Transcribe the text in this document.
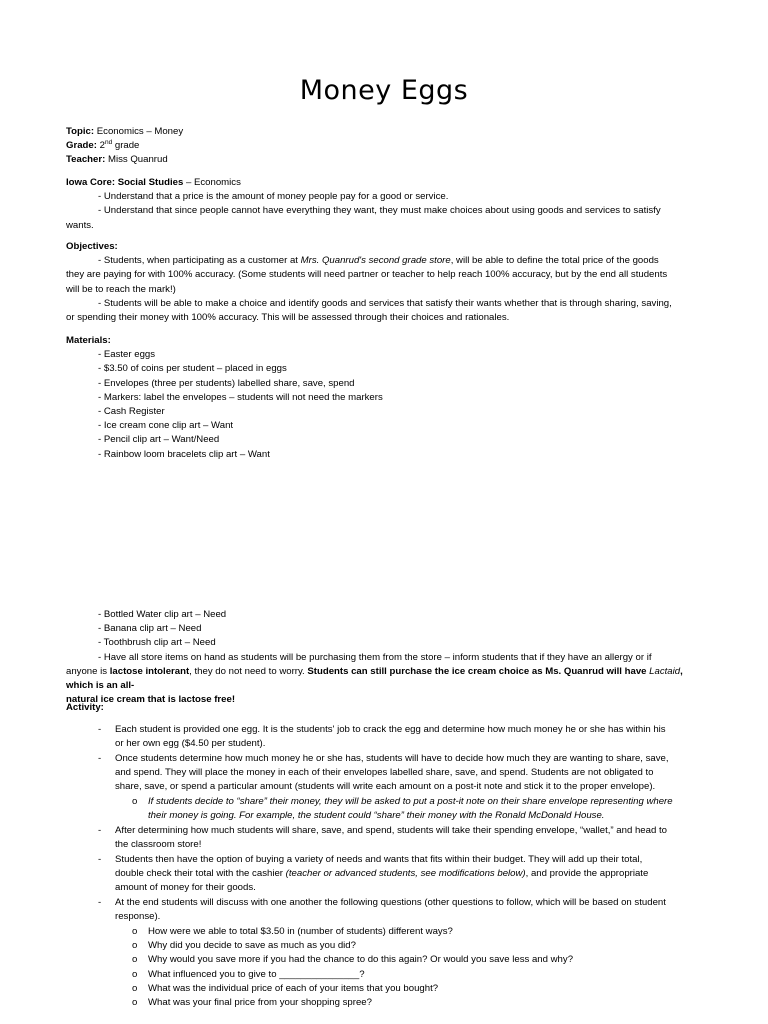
Money Eggs

Topic: Economics – Money

Grade: 2nd grade

Teacher: Miss Quanrud

Iowa Core: Social Studies – Economics

- Understand that a price is the amount of money people pay for a good or service.

- Understand that since people cannot have everything they want, they must make choices about using goods and services to satisfy

wants.

Objectives:

- Students, when participating as a customer at Mrs. Quanrud's second grade store, will be able to define the total price of the goods

they are paying for with 100% accuracy. (Some students will need partner or teacher to help reach 100% accuracy, but by the end all students

will be to reach the mark!)

- Students will be able to make a choice and identify goods and services that satisfy their wants whether that is through sharing, saving,

or spending their money with 100% accuracy. This will be assessed through their choices and rationales.

Materials:

- Easter eggs

- $3.50 of coins per student – placed in eggs

- Envelopes (three per students) labelled share, save, spend

- Markers: label the envelopes – students will not need the markers

- Cash Register

- Ice cream cone clip art – Want

- Pencil clip art – Want/Need

- Rainbow loom bracelets clip art – Want

- Bottled Water clip art – Need

- Banana clip art – Need

- Toothbrush clip art – Need

- Have all store items on hand as students will be purchasing them from the store – inform students that if they have an allergy or if

anyone is lactose intolerant, they do not need to worry. Students can still purchase the ice cream choice as Ms. Quanrud will have Lactaid, which is an all-

natural ice cream that is lactose free!

Activity:

- Each student is provided one egg. It is the students' job to crack the egg and determine how much money he or she has within his

or her own egg ($4.50 per student).

- Once students determine how much money he or she has, students will have to decide how much they are wanting to share, save,

and spend. They will place the money in each of their envelopes labelled share, save, and spend. Students are not obligated to

share, save, or spend a particular amount (students will write each amount on a post-it note and stick it to the proper envelope).

o If students decide to “share” their money, they will be asked to put a post-it note on their share envelope representing where

their money is going. For example, the student could “share” their money with the Ronald McDonald House.

- After determining how much students will share, save, and spend, students will take their spending envelope, “wallet,” and head to

the classroom store!

- Students then have the option of buying a variety of needs and wants that fits within their budget. They will add up their total,

double check their total with the cashier (teacher or advanced students, see modifications below), and provide the appropriate

amount of money for their goods.

- At the end students will discuss with one another the following questions (other questions to follow, which will be based on student

response).

o How were we able to total $3.50 in (number of students) different ways?
o Why did you decide to save as much as you did?
o Why would you save more if you had the chance to do this again? Or would you save less and why?
o What influenced you to give to _______________?
o What was the individual price of each of your items that you bought?
o What was your final price from your shopping spree?
